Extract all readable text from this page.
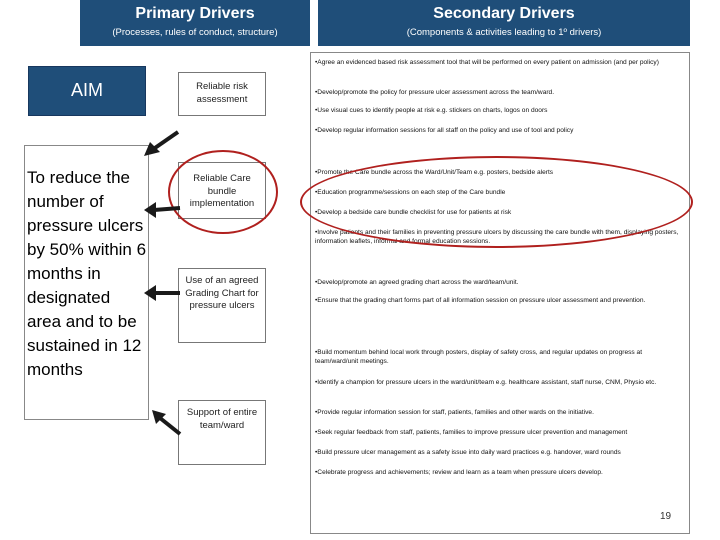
Primary Drivers
(Processes, rules of conduct, structure)
Secondary Drivers
(Components & activities leading to 1º drivers)
AIM
To reduce the number of pressure ulcers by 50% within 6 months in designated area and to be sustained in 12 months
Reliable risk assessment
Reliable Care bundle implementation
Use of an agreed Grading Chart for pressure ulcers
Support of entire team/ward
•Agree an evidenced based risk assessment tool that will be performed on every patient on admission (and per policy)
•Develop/promote the policy for pressure ulcer assessment across the team/ward.
•Use visual cues to identify people at risk e.g. stickers on charts, logos on doors
•Develop regular information sessions for all staff on the policy and use of tool and policy
•Promote the Care bundle across the Ward/Unit/Team e.g. posters, bedside alerts
•Education programme/sessions on each step of the Care bundle
•Develop a bedside care bundle checklist for use for patients at risk
•Involve patients and their families in preventing pressure ulcers by discussing the care bundle with them, displaying posters, information leaflets, informal and formal education sessions.
•Develop/promote an agreed grading chart across the ward/team/unit.
•Ensure that the grading chart forms part of all information session on pressure ulcer assessment and prevention.
•Build momentum behind local work through posters, display of safety cross, and regular updates on progress at team/ward/unit meetings.
•Identify a champion for pressure ulcers in the ward/unit/team e.g. healthcare assistant, staff nurse, CNM, Physio etc.
•Provide regular information session for staff, patients, families and other wards on the initiative.
•Seek regular feedback from staff, patients, families to improve pressure ulcer prevention and management
•Build pressure ulcer management as a safety issue into daily ward practices e.g. handover, ward rounds
•Celebrate progress and achievements; review and learn as a team when pressure ulcers develop.
19
